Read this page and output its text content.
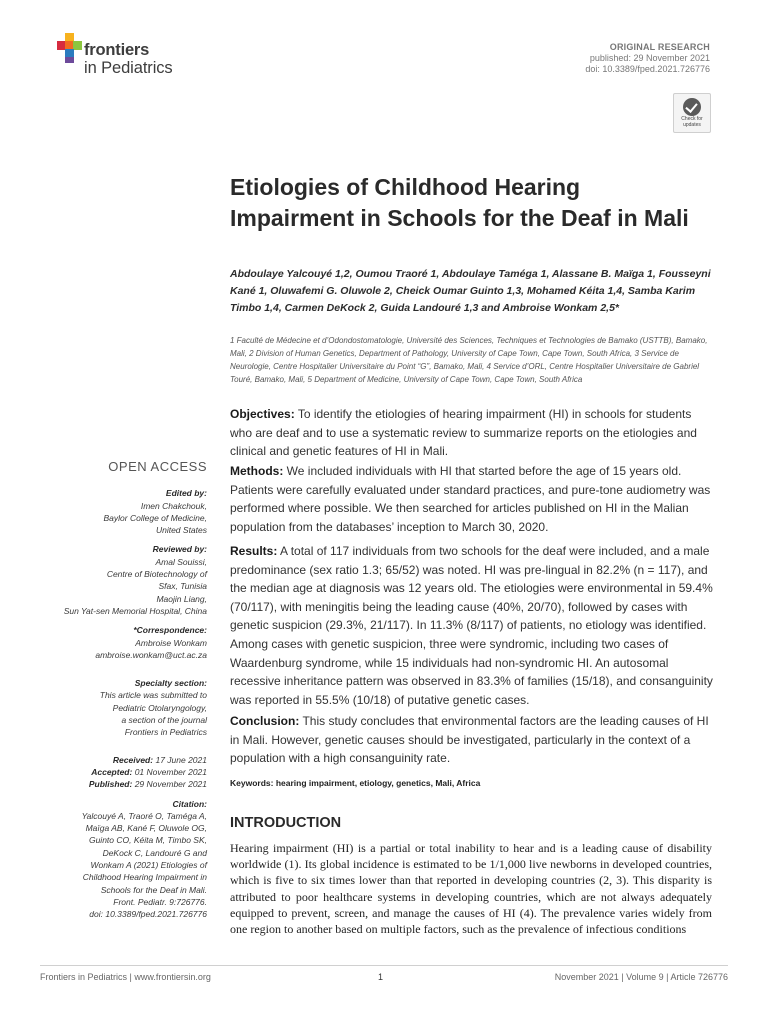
frontiers
in Pediatrics
ORIGINAL RESEARCH
published: 29 November 2021
doi: 10.3389/fped.2021.726776
Check for
updates
Etiologies of Childhood Hearing Impairment in Schools for the Deaf in Mali

Abdoulaye Yalcouyé 1,2, Oumou Traoré 1, Abdoulaye Taméga 1, Alassane B. Maïga 1, Fousseyni Kané 1, Oluwafemi G. Oluwole 2, Cheick Oumar Guinto 1,3, Mohamed Kéita 1,4, Samba Karim Timbo 1,4, Carmen DeKock 2, Guida Landouré 1,3 and Ambroise Wonkam 2,5*

1 Faculté de Médecine et d’Odondostomatologie, Université des Sciences, Techniques et Technologies de Bamako (USTTB), Bamako, Mali, 2 Division of Human Genetics, Department of Pathology, University of Cape Town, Cape Town, South Africa, 3 Service de Neurologie, Centre Hospitalier Universitaire du Point “G”, Bamako, Mali, 4 Service d’ORL, Centre Hospitalier Universitaire de Gabriel Touré, Bamako, Mali, 5 Department of Medicine, University of Cape Town, Cape Town, South Africa

Objectives: To identify the etiologies of hearing impairment (HI) in schools for students who are deaf and to use a systematic review to summarize reports on the etiologies and clinical and genetic features of HI in Mali.

Methods: We included individuals with HI that started before the age of 15 years old. Patients were carefully evaluated under standard practices, and pure-tone audiometry was performed where possible. We then searched for articles published on HI in the Malian population from the databases’ inception to March 30, 2020.

Results: A total of 117 individuals from two schools for the deaf were included, and a male predominance (sex ratio 1.3; 65/52) was noted. HI was pre-lingual in 82.2% (n = 117), and the median age at diagnosis was 12 years old. The etiologies were environmental in 59.4% (70/117), with meningitis being the leading cause (40%, 20/70), followed by cases with genetic suspicion (29.3%, 21/117). In 11.3% (8/117) of patients, no etiology was identified. Among cases with genetic suspicion, three were syndromic, including two cases of Waardenburg syndrome, while 15 individuals had non-syndromic HI. An autosomal recessive inheritance pattern was observed in 83.3% of families (15/18), and consanguinity was reported in 55.5% (10/18) of putative genetic cases.

Conclusion: This study concludes that environmental factors are the leading causes of HI in Mali. However, genetic causes should be investigated, particularly in the context of a population with a high consanguinity rate.

Keywords: hearing impairment, etiology, genetics, Mali, Africa

OPEN ACCESS
Edited by:
Imen Chakchouk,
Baylor College of Medicine,
United States
Reviewed by:
Amal Souissi,
Centre of Biotechnology of
Sfax, Tunisia
Maojin Liang,
Sun Yat-sen Memorial Hospital, China
*Correspondence:
Ambroise Wonkam
ambroise.wonkam@uct.ac.za
Specialty section:
This article was submitted to
Pediatric Otolaryngology,
a section of the journal
Frontiers in Pediatrics
Received: 17 June 2021
Accepted: 01 November 2021
Published: 29 November 2021
Citation:
Yalcouyé A, Traoré O, Taméga A,
Maïga AB, Kané F, Oluwole OG,
Guinto CO, Kéita M, Timbo SK,
DeKock C, Landouré G and
Wonkam A (2021) Etiologies of
Childhood Hearing Impairment in
Schools for the Deaf in Mali.
Front. Pediatr. 9:726776.
doi: 10.3389/fped.2021.726776
INTRODUCTION

Hearing impairment (HI) is a partial or total inability to hear and is a leading cause of disability worldwide (1). Its global incidence is estimated to be 1/1,000 live newborns in developed countries, which is five to six times lower than that reported in developing countries (2, 3). This disparity is attributed to poor healthcare systems in developing countries, which are not always adequately equipped to prevent, screen, and manage the causes of HI (4). The prevalence varies widely from one region to another based on multiple factors, such as the prevalence of infectious conditions

Frontiers in Pediatrics | www.frontiersin.org	1	November 2021 | Volume 9 | Article 726776
